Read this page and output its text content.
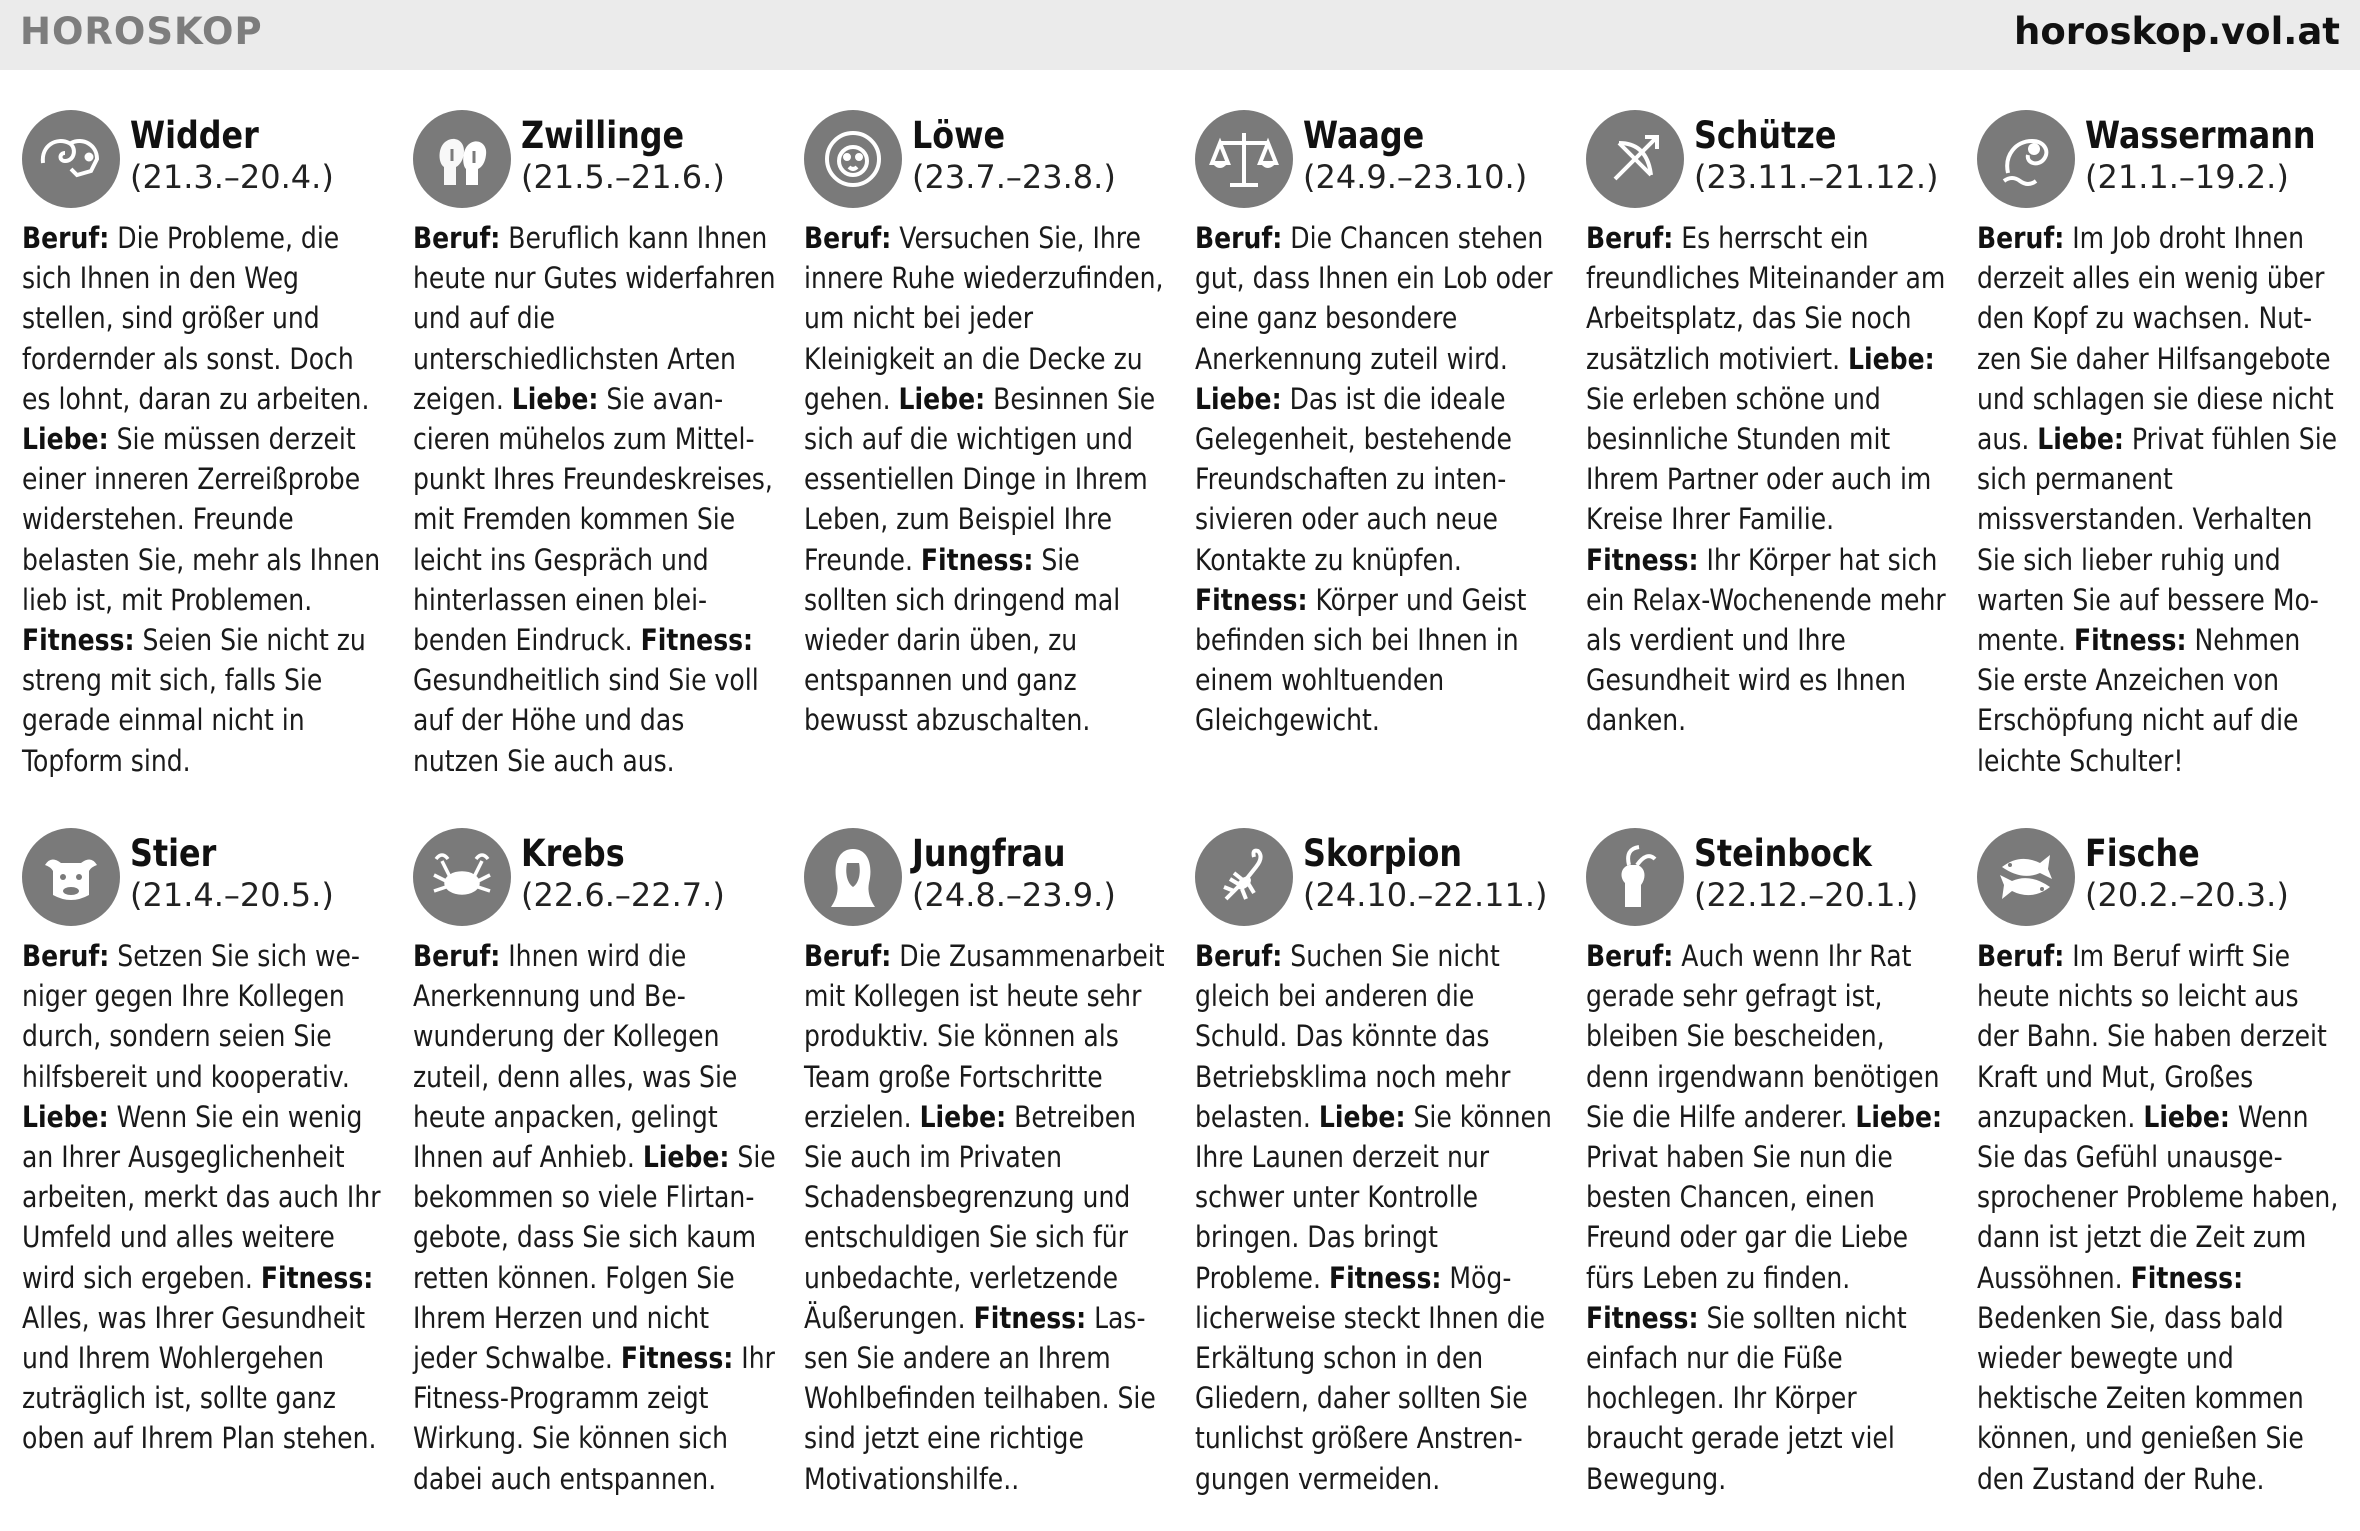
HOROSKOP	horoskop.vol.at
Widder
(21.3.–20.4.)
Beruf: Die Probleme, die sich Ihnen in den Weg stellen, sind größer und fordernder als sonst. Doch es lohnt, daran zu arbeiten. Liebe: Sie müssen derzeit einer inneren Zerreißprobe widerstehen. Freunde belasten Sie, mehr als Ihnen lieb ist, mit Problemen. Fitness: Seien Sie nicht zu streng mit sich, falls Sie gerade einmal nicht in Topform sind.
Zwillinge
(21.5.–21.6.)
Beruf: Beruflich kann Ihnen heute nur Gutes widerfahren und auf die unterschiedlichsten Arten zeigen. Liebe: Sie avancieren mühelos zum Mittelpunkt Ihres Freundeskreises, mit Fremden kommen Sie leicht ins Gespräch und hinterlassen einen bleibenden Eindruck. Fitness: Gesundheitlich sind Sie voll auf der Höhe und das nutzen Sie auch aus.
Löwe
(23.7.–23.8.)
Beruf: Versuchen Sie, Ihre innere Ruhe wiederzufinden, um nicht bei jeder Kleinigkeit an die Decke zu gehen. Liebe: Besinnen Sie sich auf die wichtigen und essentiellen Dinge in Ihrem Leben, zum Beispiel Ihre Freunde. Fitness: Sie sollten sich dringend mal wieder darin üben, zu entspannen und ganz bewusst abzuschalten.
Waage
(24.9.–23.10.)
Beruf: Die Chancen stehen gut, dass Ihnen ein Lob oder eine ganz besondere Anerkennung zuteil wird. Liebe: Das ist die ideale Gelegenheit, bestehende Freundschaften zu intensivieren oder auch neue Kontakte zu knüpfen. Fitness: Körper und Geist befinden sich bei Ihnen in einem wohltuenden Gleichgewicht.
Schütze
(23.11.–21.12.)
Beruf: Es herrscht ein freundliches Miteinander am Arbeitsplatz, das Sie noch zusätzlich motiviert. Liebe: Sie erleben schöne und besinnliche Stunden mit Ihrem Partner oder auch im Kreise Ihrer Familie. Fitness: Ihr Körper hat sich ein Relax-Wochenende mehr als verdient und Ihre Gesundheit wird es Ihnen danken.
Wassermann
(21.1.–19.2.)
Beruf: Im Job droht Ihnen derzeit alles ein wenig über den Kopf zu wachsen. Nutzen Sie daher Hilfsangebote und schlagen sie diese nicht aus. Liebe: Privat fühlen Sie sich permanent missverstanden. Verhalten Sie sich lieber ruhig und warten Sie auf bessere Momente. Fitness: Nehmen Sie erste Anzeichen von Erschöpfung nicht auf die leichte Schulter!
Stier
(21.4.–20.5.)
Beruf: Setzen Sie sich weniger gegen Ihre Kollegen durch, sondern seien Sie hilfsbereit und kooperativ. Liebe: Wenn Sie ein wenig an Ihrer Ausgeglichenheit arbeiten, merkt das auch Ihr Umfeld und alles weitere wird sich ergeben. Fitness: Alles, was Ihrer Gesundheit und Ihrem Wohlergehen zuträglich ist, sollte ganz oben auf Ihrem Plan stehen.
Krebs
(22.6.–22.7.)
Beruf: Ihnen wird die Anerkennung und Bewunderung der Kollegen zuteil, denn alles, was Sie heute anpacken, gelingt Ihnen auf Anhieb. Liebe: Sie bekommen so viele Flirtangebote, dass Sie sich kaum retten können. Folgen Sie Ihrem Herzen und nicht jeder Schwalbe. Fitness: Ihr Fitness-Programm zeigt Wirkung. Sie können sich dabei auch entspannen.
Jungfrau
(24.8.–23.9.)
Beruf: Die Zusammenarbeit mit Kollegen ist heute sehr produktiv. Sie können als Team große Fortschritte erzielen. Liebe: Betreiben Sie auch im Privaten Schadensbegrenzung und entschuldigen Sie sich für unbedachte, verletzende Äußerungen. Fitness: Lassen Sie andere an Ihrem Wohlbefinden teilhaben. Sie sind jetzt eine richtige Motivationshilfe..
Skorpion
(24.10.–22.11.)
Beruf: Suchen Sie nicht gleich bei anderen die Schuld. Das könnte das Betriebsklima noch mehr belasten. Liebe: Sie können Ihre Launen derzeit nur schwer unter Kontrolle bringen. Das bringt Probleme. Fitness: Möglicherweise steckt Ihnen die Erkältung schon in den Gliedern, daher sollten Sie tunlichst größere Anstrengungen vermeiden.
Steinbock
(22.12.–20.1.)
Beruf: Auch wenn Ihr Rat gerade sehr gefragt ist, bleiben Sie bescheiden, denn irgendwann benötigen Sie die Hilfe anderer. Liebe: Privat haben Sie nun die besten Chancen, einen Freund oder gar die Liebe fürs Leben zu finden. Fitness: Sie sollten nicht einfach nur die Füße hochlegen. Ihr Körper braucht gerade jetzt viel Bewegung.
Fische
(20.2.–20.3.)
Beruf: Im Beruf wirft Sie heute nichts so leicht aus der Bahn. Sie haben derzeit Kraft und Mut, Großes anzupacken. Liebe: Wenn Sie das Gefühl unausgesprochener Probleme haben, dann ist jetzt die Zeit zum Aussöhnen. Fitness: Bedenken Sie, dass bald wieder bewegte und hektische Zeiten kommen können, und genießen Sie den Zustand der Ruhe.
